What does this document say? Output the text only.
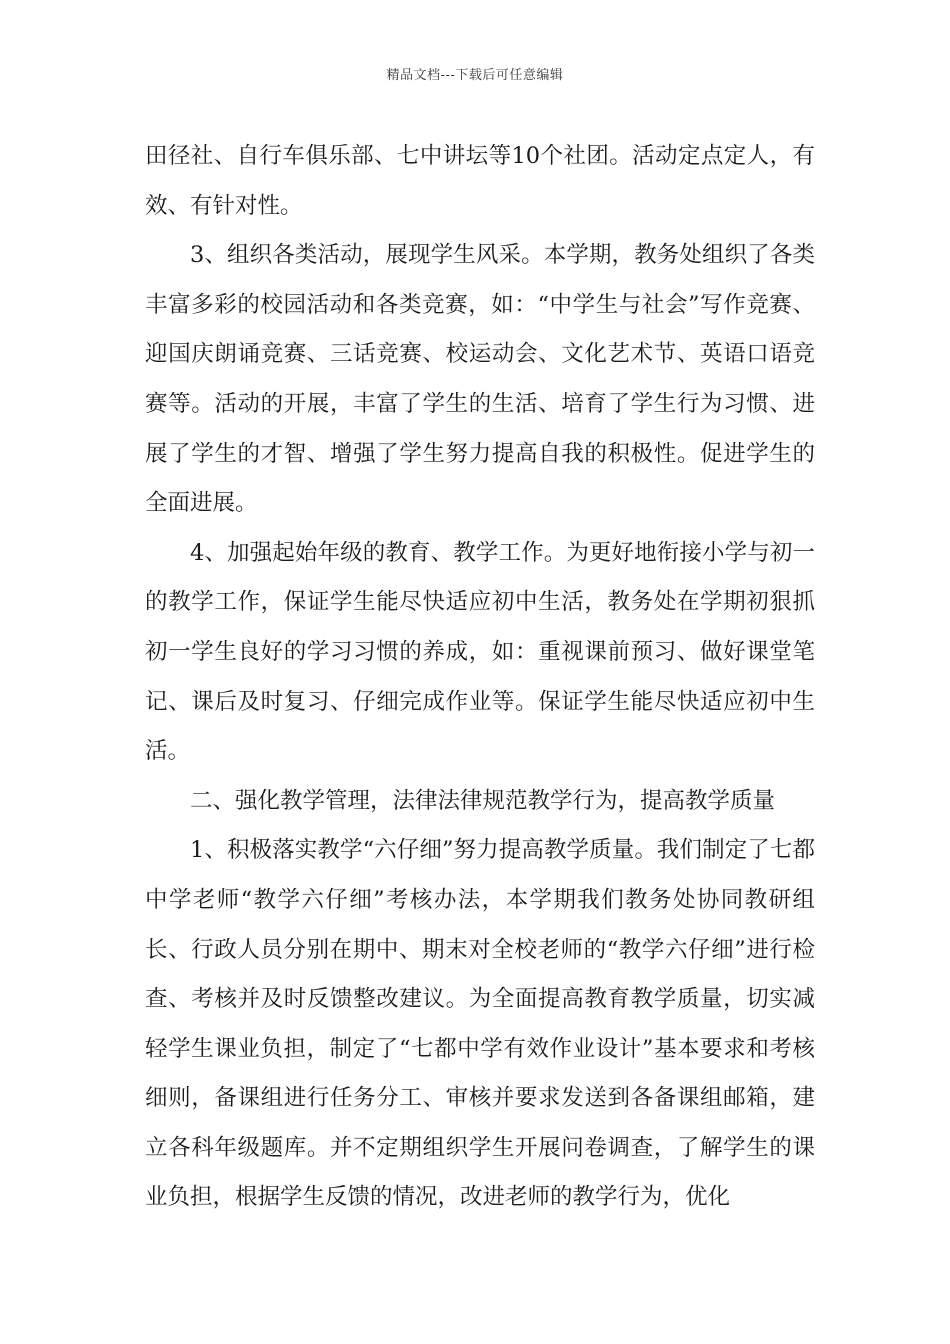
精品文档---下载后可任意编辑

田径社、自行车俱乐部、七中讲坛等10个社团。活动定点定人，有效、有针对性。

3、组织各类活动，展现学生风采。本学期，教务处组织了各类丰富多彩的校园活动和各类竞赛，如：“中学生与社会”写作竞赛、迎国庆朗诵竞赛、三话竞赛、校运动会、文化艺术节、英语口语竞赛等。活动的开展，丰富了学生的生活、培育了学生行为习惯、进展了学生的才智、增强了学生努力提高自我的积极性。促进学生的全面进展。

4、加强起始年级的教育、教学工作。为更好地衔接小学与初一的教学工作，保证学生能尽快适应初中生活，教务处在学期初狠抓初一学生良好的学习习惯的养成，如：重视课前预习、做好课堂笔记、课后及时复习、仔细完成作业等。保证学生能尽快适应初中生活。

二、强化教学管理，法律法律规范教学行为，提高教学质量

1、积极落实教学“六仔细”努力提高教学质量。我们制定了七都中学老师“教学六仔细”考核办法，本学期我们教务处协同教研组长、行政人员分别在期中、期末对全校老师的“教学六仔细”进行检查、考核并及时反馈整改建议。为全面提高教育教学质量，切实减轻学生课业负担，制定了“七都中学有效作业设计”基本要求和考核细则，备课组进行任务分工、审核并要求发送到各备课组邮箱，建立各科年级题库。并不定期组织学生开展问卷调查，了解学生的课业负担，根据学生反馈的情况，改进老师的教学行为，优化
